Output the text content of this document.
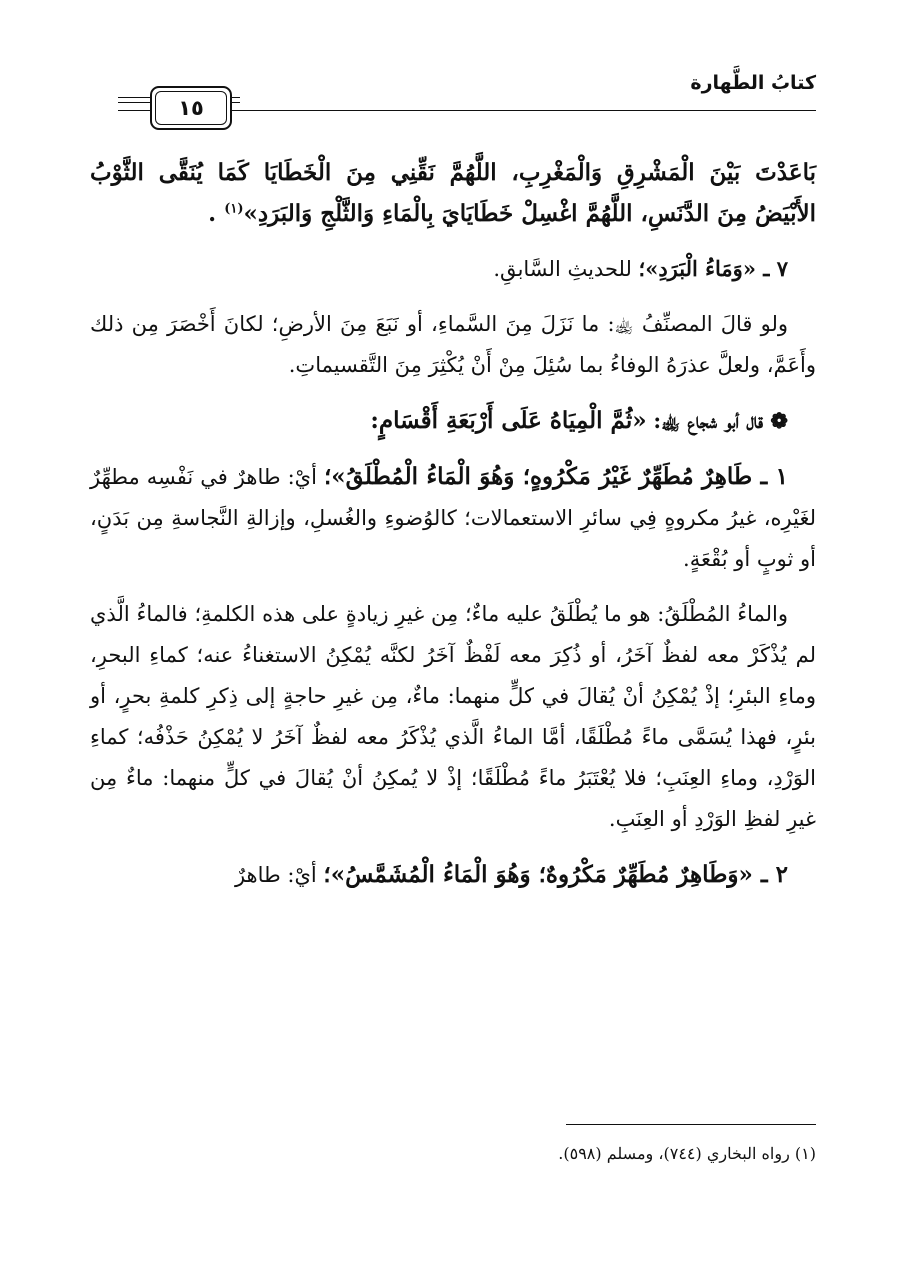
كتابُ الطَّهارة
١٥

بَاعَدْتَ بَيْنَ الْمَشْرِقِ وَالْمَغْرِبِ، اللَّهُمَّ نَقِّنِي مِنَ الْخَطَايَا كَمَا يُنَقَّى الثَّوْبُ الأَبْيَضُ مِنَ الدَّنَسِ، اللَّهُمَّ اغْسِلْ خَطَايَايَ بِالْمَاءِ وَالثَّلْجِ وَالبَرَدِ»$^{(١)}$ .

٧ ـ «وَمَاءُ الْبَرَدِ»؛ للحديثِ السَّابقِ.

ولو قالَ المصنِّفُ ﵀: ما نَزَلَ مِنَ السَّماءِ، أو نَبَعَ مِنَ الأرضِ؛ لكانَ أَخْصَرَ مِن ذلك وأَعَمَّ، ولعلَّ عذرَهُ الوفاءُ بما سُئِلَ مِنْ أَنْ يُكْثِرَ مِنَ التَّقسيماتِ.

❁ قال أبو شجاع ﵀: «ثُمَّ الْمِيَاهُ عَلَى أَرْبَعَةِ أَقْسَامٍ:

١ ـ طَاهِرٌ مُطَهِّرٌ غَيْرُ مَكْرُوهٍ؛ وَهُوَ الْمَاءُ الْمُطْلَقُ»؛ أيْ: طاهرٌ في نَفْسِه مطهِّرٌ لغَيْرِه، غيرُ مكروهٍ فِي سائرِ الاستعمالات؛ كالوُضوءِ والغُسلِ، وإزالةِ النَّجاسةِ مِن بَدَنٍ، أو ثوبٍ أو بُقْعَةٍ.

والماءُ المُطْلَقُ: هو ما يُطْلَقُ عليه ماءٌ؛ مِن غيرِ زيادةٍ على هذه الكلمةِ؛ فالماءُ الَّذي لم يُذْكَرْ معه لفظٌ آخَرُ، أو ذُكِرَ معه لَفْظٌ آخَرُ لكنَّه يُمْكِنُ الاستغناءُ عنه؛ كماءِ البحرِ، وماءِ البئرِ؛ إذْ يُمْكِنُ أنْ يُقالَ في كلٍّ منهما: ماءٌ، مِن غيرِ حاجةٍ إلى ذِكرِ كلمةِ بحرٍ، أو بئرٍ، فهذا يُسَمَّى ماءً مُطْلَقًا، أمَّا الماءُ الَّذي يُذْكَرُ معه لفظٌ آخَرُ لا يُمْكِنُ حَذْفُه؛ كماءِ الوَرْدِ، وماءِ العِنَبِ؛ فلا يُعْتَبَرُ ماءً مُطْلَقًا؛ إذْ لا يُمكِنُ أنْ يُقالَ في كلٍّ منهما: ماءٌ مِن غيرِ لفظِ الوَرْدِ أو العِنَبِ.

٢ ـ «وَطَاهِرٌ مُطَهِّرٌ مَكْرُوهٌ؛ وَهُوَ الْمَاءُ الْمُشَمَّسُ»؛ أيْ: طاهرٌ

(١) رواه البخاري (٧٤٤)، ومسلم (٥٩٨).
